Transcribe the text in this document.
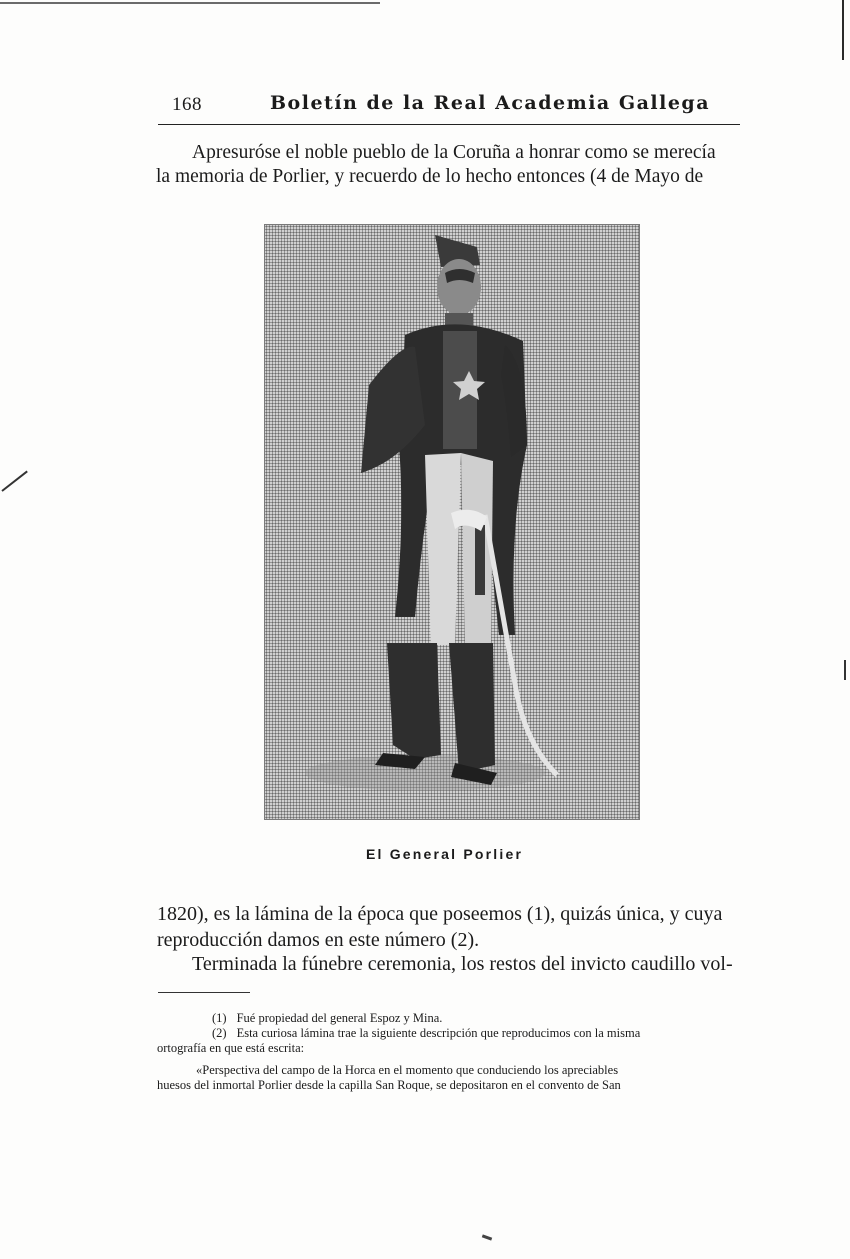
168	Boletín de la Real Academia Gallega
Apresuróse el noble pueblo de la Coruña a honrar como se merecía
la memoria de Porlier, y recuerdo de lo hecho entonces (4 de Mayo de
El General Porlier
1820), es la lámina de la época que poseemos (1), quizás única, y cuya
reproducción damos en este número (2).
Terminada la fúnebre ceremonia, los restos del invicto caudillo vol-
(1) Fué propiedad del general Espoz y Mina.
(2) Esta curiosa lámina trae la siguiente descripción que reproducimos con la misma
ortografía en que está escrita:
«Perspectiva del campo de la Horca en el momento que conduciendo los apreciables
huesos del inmortal Porlier desde la capilla San Roque, se depositaron en el convento de San
